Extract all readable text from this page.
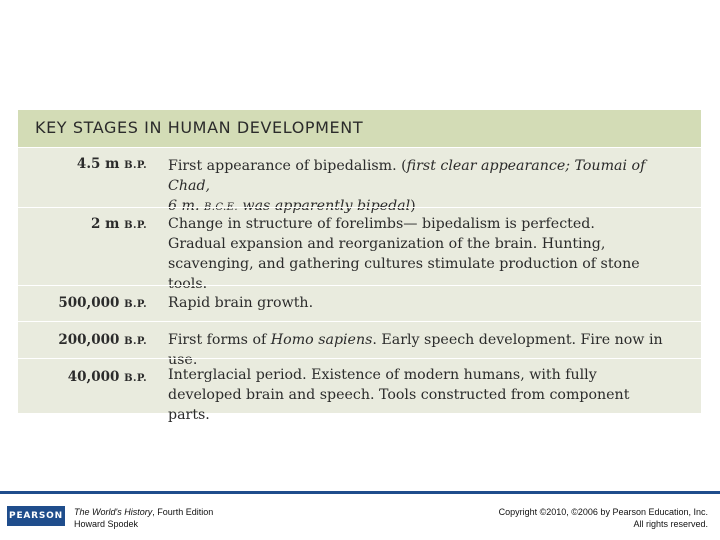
KEY STAGES IN HUMAN DEVELOPMENT
4.5 m B.P. First appearance of bipedalism. (first clear appearance; Toumai of Chad,
6 m. B.C.E. was apparently bipedal)
2 m B.P. Change in structure of forelimbs— bipedalism is perfected. Gradual expansion and reorganization of the brain. Hunting, scavenging, and gathering cultures stimulate production of stone tools.
500,000 B.P. Rapid brain growth.
200,000 B.P. First forms of Homo sapiens. Early speech development. Fire now in use.
40,000 B.P. Interglacial period. Existence of modern humans, with fully developed brain and speech. Tools constructed from component parts.
PEARSON The World's History, Fourth Edition
Howard Spodek
Copyright ©2010, ©2006 by Pearson Education, Inc.
All rights reserved.
